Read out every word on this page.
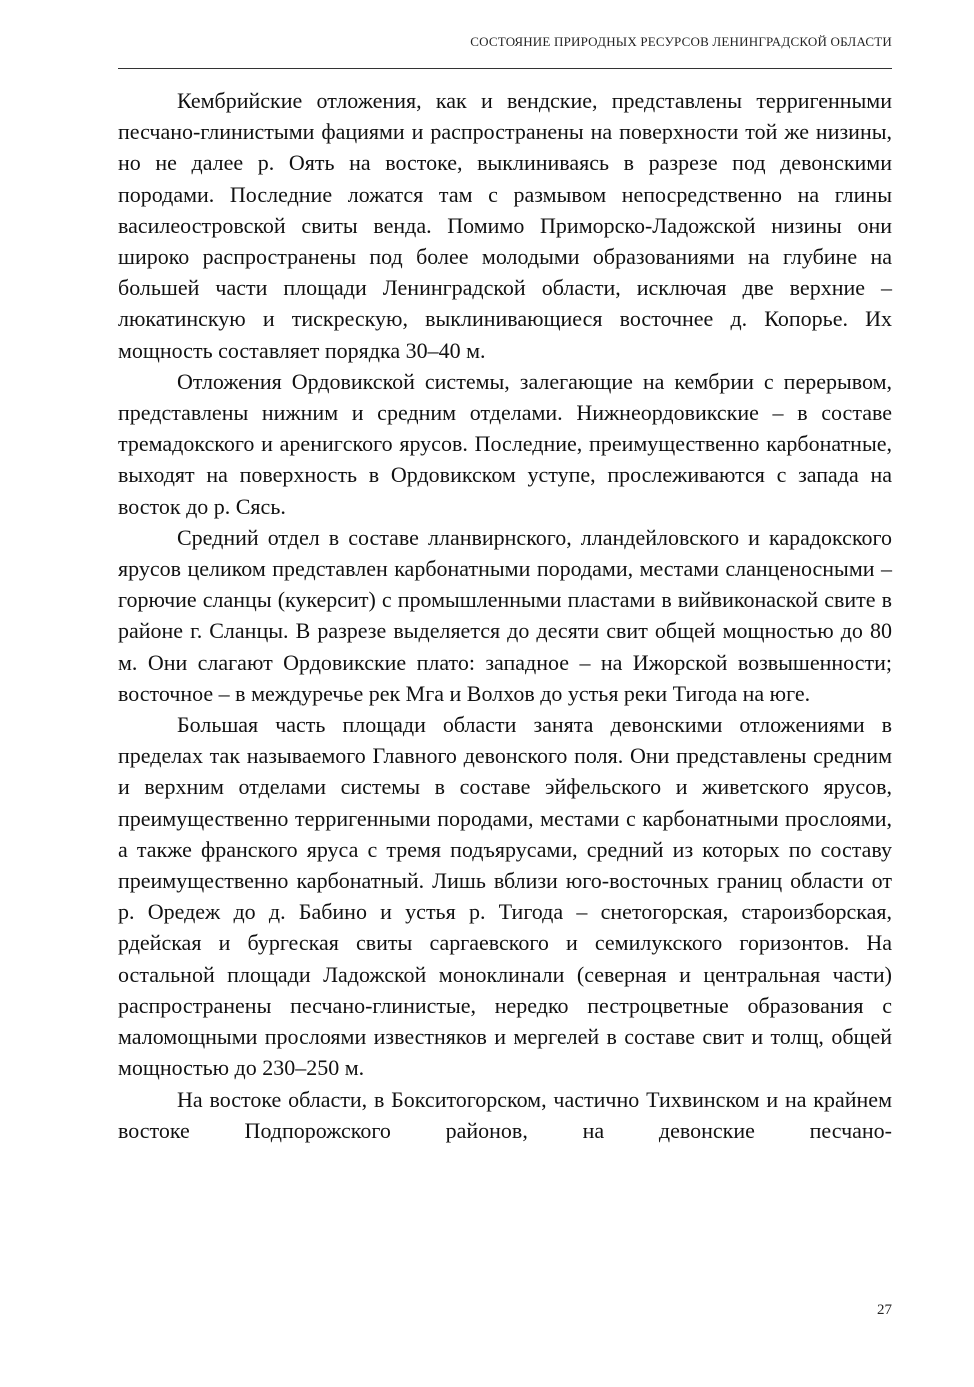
СОСТОЯНИЕ ПРИРОДНЫХ РЕСУРСОВ ЛЕНИНГРАДСКОЙ ОБЛАСТИ

Кембрийские отложения, как и вендские, представлены терригенными песчано-глинистыми фациями и распространены на поверхности той же низины, но не далее р. Оять на востоке, выклиниваясь в разрезе под девонскими породами. Последние ложатся там с размывом непосредственно на глины василеостровской свиты венда. Помимо Приморско-Ладожской низины они широко распространены под более молодыми образованиями на глубине на большей части площади Ленинградской области, исключая две верхние – люкатинскую и тискрескую, выклинивающиеся восточнее д. Копорье. Их мощность составляет порядка 30–40 м.

Отложения Ордовикской системы, залегающие на кембрии с перерывом, представлены нижним и средним отделами. Нижнеордовикские – в составе тремадокского и аренигского ярусов. Последние, преимущественно карбонатные, выходят на поверхность в Ордовикском уступе, прослеживаются с запада на восток до р. Сясь.

Средний отдел в составе лланвирнского, лландейловского и карадокского ярусов целиком представлен карбонатными породами, местами сланценосными – горючие сланцы (кукерсит) с промышленными пластами в вийвиконаской свите в районе г. Сланцы. В разрезе выделяется до десяти свит общей мощностью до 80 м. Они слагают Ордовикские плато: западное – на Ижорской возвышенности; восточное – в междуречье рек Мга и Волхов до устья реки Тигода на юге.

Большая часть площади области занята девонскими отложениями в пределах так называемого Главного девонского поля. Они представлены средним и верхним отделами системы в составе эйфельского и живетского ярусов, преимущественно терригенными породами, местами с карбонатными прослоями, а также франского яруса с тремя подъярусами, средний из которых по составу преимущественно карбонатный. Лишь вблизи юго-восточных границ области от р. Оредеж до д. Бабино и устья р. Тигода – снетогорская, староизборская, рдейская и бургеская свиты саргаевского и семилукского горизонтов. На остальной площади Ладожской моноклинали (северная и центральная части) распространены песчано-глинистые, нередко пестроцветные образования с маломощными прослоями известняков и мергелей в составе свит и толщ, общей мощностью до 230–250 м.

На востоке области, в Бокситогорском, частично Тихвинском и на крайнем востоке Подпорожского районов, на девонские песчано-

27
